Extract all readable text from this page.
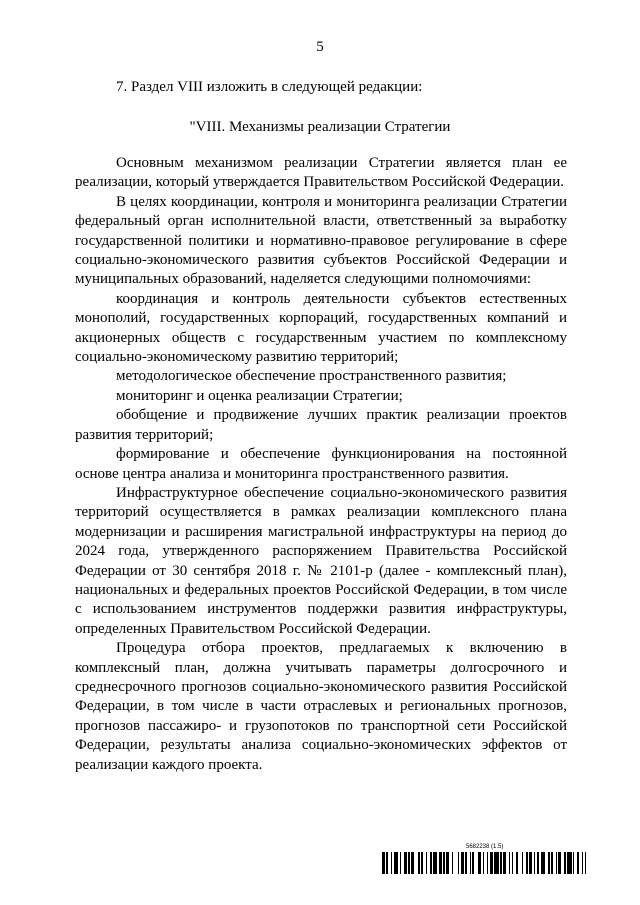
5
7. Раздел VIII изложить в следующей редакции:
"VIII. Механизмы реализации Стратегии

Основным механизмом реализации Стратегии является план ее реализации, который утверждается Правительством Российской Федерации.

В целях координации, контроля и мониторинга реализации Стратегии федеральный орган исполнительной власти, ответственный за выработку государственной политики и нормативно-правовое регулирование в сфере социально-экономического развития субъектов Российской Федерации и муниципальных образований, наделяется следующими полномочиями:

координация и контроль деятельности субъектов естественных монополий, государственных корпораций, государственных компаний и акционерных обществ с государственным участием по комплексному социально-экономическому развитию территорий;

методологическое обеспечение пространственного развития;

мониторинг и оценка реализации Стратегии;

обобщение и продвижение лучших практик реализации проектов развития территорий;

формирование и обеспечение функционирования на постоянной основе центра анализа и мониторинга пространственного развития.

Инфраструктурное обеспечение социально-экономического развития территорий осуществляется в рамках реализации комплексного плана модернизации и расширения магистральной инфраструктуры на период до 2024 года, утвержденного распоряжением Правительства Российской Федерации от 30 сентября 2018 г. № 2101-р (далее - комплексный план), национальных и федеральных проектов Российской Федерации, в том числе с использованием инструментов поддержки развития инфраструктуры, определенных Правительством Российской Федерации.

Процедура отбора проектов, предлагаемых к включению в комплексный план, должна учитывать параметры долгосрочного и среднесрочного прогнозов социально-экономического развития Российской Федерации, в том числе в части отраслевых и региональных прогнозов, прогнозов пассажиро- и грузопотоков по транспортной сети Российской Федерации, результаты анализа социально-экономических эффектов от реализации каждого проекта.

5682238 (1.5)
